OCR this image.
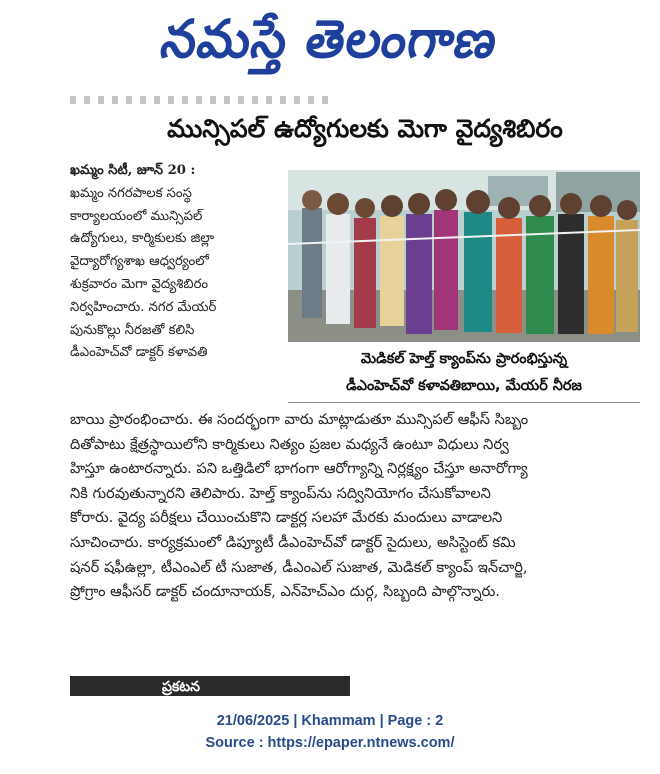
నమస్తే తెలంగాణ
మున్సిపల్ ఉద్యోగులకు మెగా వైద్యశిబిరం
ఖమ్మం సిటీ, జూన్ 20 :
ఖమ్మం నగరపాలక సంస్థ
కార్యాలయంలో మున్సిపల్
ఉద్యోగులు, కార్మికులకు జిల్లా
వైద్యారోగ్యశాఖ ఆధ్వర్యంలో
శుక్రవారం మెగా వైద్యశిబిరం
నిర్వహించారు. నగర మేయర్
పునుకొల్లు నీరజతో కలిసి
డీఎంహెచ్‌వో డాక్టర్ కళావతి	మెడికల్ హెల్త్ క్యాంప్‌ను ప్రారంభిస్తున్న
డీఎంహెచ్‌వో కళావతిబాయి, మేయర్ నీరజ
బాయి ప్రారంభించారు. ఈ సందర్భంగా వారు మాట్లాడుతూ మున్సిపల్ ఆఫీస్ సిబ్బం
దితోపాటు క్షేత్రస్థాయిలోని కార్మికులు నిత్యం ప్రజల మధ్యనే ఉంటూ విధులు నిర్వ
హిస్తూ ఉంటారన్నారు. పని ఒత్తిడిలో భాగంగా ఆరోగ్యాన్ని నిర్లక్ష్యం చేస్తూ అనారోగ్యా
నికి గురవుతున్నారని తెలిపారు. హెల్త్ క్యాంప్‌ను సద్వినియోగం చేసుకోవాలని
కోరారు. వైద్య పరీక్షలు చేయించుకొని డాక్టర్ల సలహా మేరకు మందులు వాడాలని
సూచించారు. కార్యక్రమంలో డిప్యూటీ డీఎంహెచ్‌వో డాక్టర్ సైదులు, అసిస్టెంట్ కమి
షనర్ షఫీఉల్లా, టీఎంఎల్ టీ సుజాత, డీఎంఎల్ సుజాత, మెడికల్ క్యాంప్ ఇన్‌చార్జి,
ప్రోగ్రాం ఆఫీసర్ డాక్టర్ చందూనాయక్, ఎన్‌హెచ్‌ఎం దుర్గ, సిబ్బంది పాల్గొన్నారు.
ప్రకటన
21/06/2025 | Khammam | Page : 2
Source : https://epaper.ntnews.com/
